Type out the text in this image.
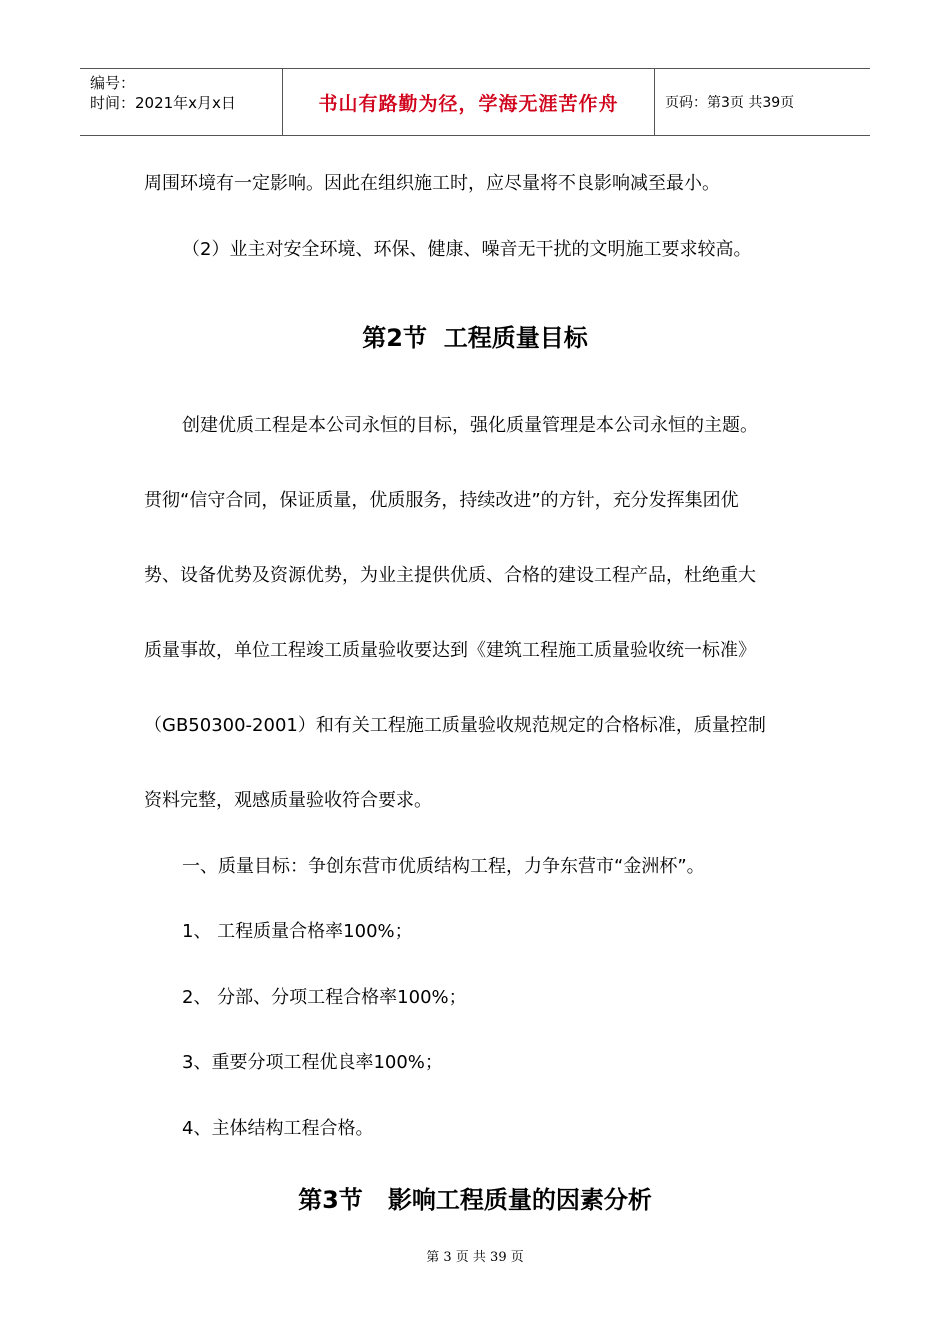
编号：
时间：2021年x月x日	书山有路勤为径，学海无涯苦作舟	页码：第3页 共39页
周围环境有一定影响。因此在组织施工时，应尽量将不良影响减至最小。
（2）业主对安全环境、环保、健康、噪音无干扰的文明施工要求较高。
第2节  工程质量目标
创建优质工程是本公司永恒的目标，强化质量管理是本公司永恒的主题。
贯彻“信守合同，保证质量，优质服务，持续改进”的方针，充分发挥集团优
势、设备优势及资源优势，为业主提供优质、合格的建设工程产品，杜绝重大
质量事故，单位工程竣工质量验收要达到《建筑工程施工质量验收统一标准》
（GB50300-2001）和有关工程施工质量验收规范规定的合格标准，质量控制
资料完整，观感质量验收符合要求。
一、质量目标：争创东营市优质结构工程，力争东营市“金洲杯”。
1、 工程质量合格率100%；
2、 分部、分项工程合格率100%；
3、重要分项工程优良率100%；
4、主体结构工程合格。
第3节   影响工程质量的因素分析
第 3 页 共 39 页
